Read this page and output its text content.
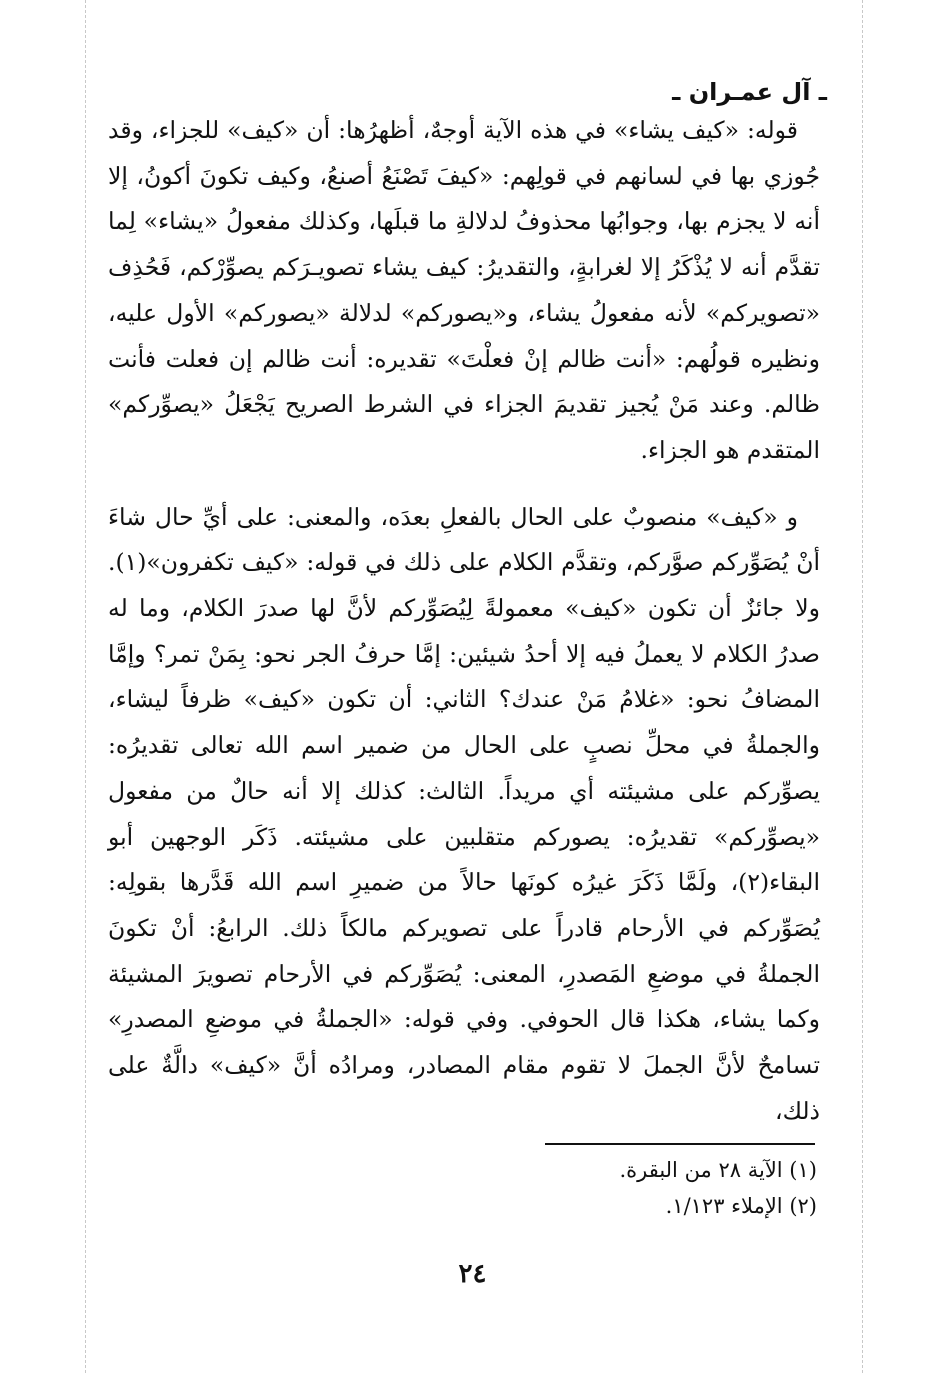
ـ آل عمـران ـ

قوله: «كيف يشاء» في هذه الآية أوجهٌ، أظهرُها: أن «كيف» للجزاء، وقد جُوزي بها في لسانهم في قولِهم: «كيفَ تَصْنَعُ أصنعُ، وكيف تكونَ أكونُ، إلا أنه لا يجزم بها، وجوابُها محذوفُ لدلالةِ ما قبلَها، وكذلك مفعولُ «يشاء» لِما تقدَّم أنه لا يُذْكَرُ إلا لغرابةٍ، والتقديرُ: كيف يشاء تصويـرَكم يصوِّرْكم، فَحُذِف «تصويركم» لأنه مفعولُ يشاء، و«يصوركم» لدلالة «يصوركم» الأول عليه، ونظيره قولُهم: «أنت ظالم إنْ فعلْتَ» تقديره: أنت ظالم إن فعلت فأنت ظالم. وعند مَنْ يُجيز تقديمَ الجزاء في الشرط الصريح يَجْعَلُ «يصوِّركم» المتقدم هو الجزاء.

و «كيف» منصوبٌ على الحال بالفعلِ بعدَه، والمعنى: على أيِّ حال شاءَ أنْ يُصَوِّركم صوَّركم، وتقدَّم الكلام على ذلك في قوله: «كيف تكفرون»(١). ولا جائزٌ أن تكون «كيف» معمولةً لِيُصَوِّركم لأنَّ لها صدرَ الكلام، وما له صدرُ الكلام لا يعملُ فيه إلا أحدُ شيئين: إمَّا حرفُ الجر نحو: بِمَنْ تمر؟ وإمَّا المضافُ نحو: «غلامُ مَنْ عندك؟ الثاني: أن تكون «كيف» ظرفاً ليشاء، والجملةُ في محلِّ نصبٍ على الحال من ضمير اسم الله تعالى تقديرُه: يصوِّركم على مشيئته أي مريداً. الثالث: كذلك إلا أنه حالٌ من مفعول «يصوِّركم» تقديرُه: يصوركم متقلبين على مشيئته. ذَكَر الوجهين أبو البقاء(٢)، ولَمَّا ذَكَرَ غيرُه كونَها حالاً من ضميرِ اسم الله قَدَّرها بقولِه: يُصَوِّركم في الأرحام قادراً على تصويركم مالكاً ذلك. الرابعُ: أنْ تكونَ الجملةُ في موضعِ المَصدرِ، المعنى: يُصَوِّركم في الأرحام تصويرَ المشيئة وكما يشاء، هكذا قال الحوفي. وفي قوله: «الجملةُ في موضعِ المصدرِ» تسامحٌ لأنَّ الجملَ لا تقوم مقام المصادر، ومرادُه أنَّ «كيف» دالَّةٌ على ذلك،

(١) الآية ٢٨ من البقرة.

(٢) الإملاء ١/١٢٣.

٢٤
